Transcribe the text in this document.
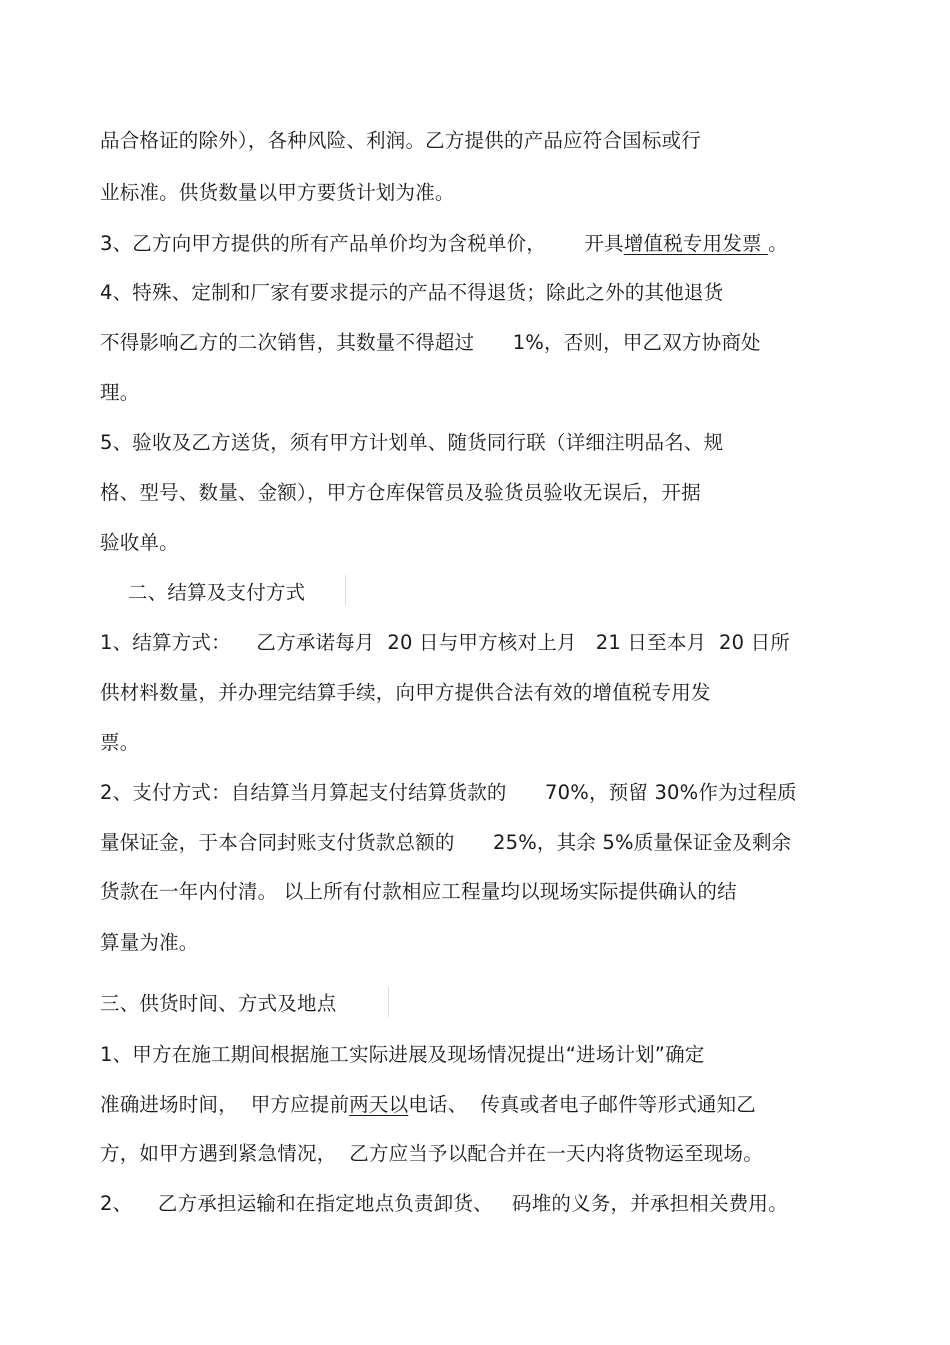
品合格证的除外），各种风险、利润。乙方提供的产品应符合国标或行
业标准。供货数量以甲方要货计划为准。
3、乙方向甲方提供的所有产品单价均为含税单价，      开具增值税专用发票 。
4、特殊、定制和厂家有要求提示的产品不得退货；除此之外的其他退货
不得影响乙方的二次销售，其数量不得超过      1%，否则，甲乙双方协商处
理。
5、验收及乙方送货，须有甲方计划单、随货同行联（详细注明品名、规
格、型号、数量、金额），甲方仓库保管员及验货员验收无误后，开据
验收单。
二、结算及支付方式
1、结算方式：    乙方承诺每月  20 日与甲方核对上月   21 日至本月  20 日所
供材料数量，并办理完结算手续，向甲方提供合法有效的增值税专用发
票。
2、支付方式：自结算当月算起支付结算货款的      70%，预留 30%作为过程质
量保证金，于本合同封账支付货款总额的      25%，其余 5%质量保证金及剩余
货款在一年内付清。 以上所有付款相应工程量均以现场实际提供确认的结
算量为准。
三、供货时间、方式及地点
1、甲方在施工期间根据施工实际进展及现场情况提出“进场计划”确定
准确进场时间，  甲方应提前两天以电话、  传真或者电子邮件等形式通知乙
方，如甲方遇到紧急情况，  乙方应当予以配合并在一天内将货物运至现场。
2、    乙方承担运输和在指定地点负责卸货、   码堆的义务，并承担相关费用。
